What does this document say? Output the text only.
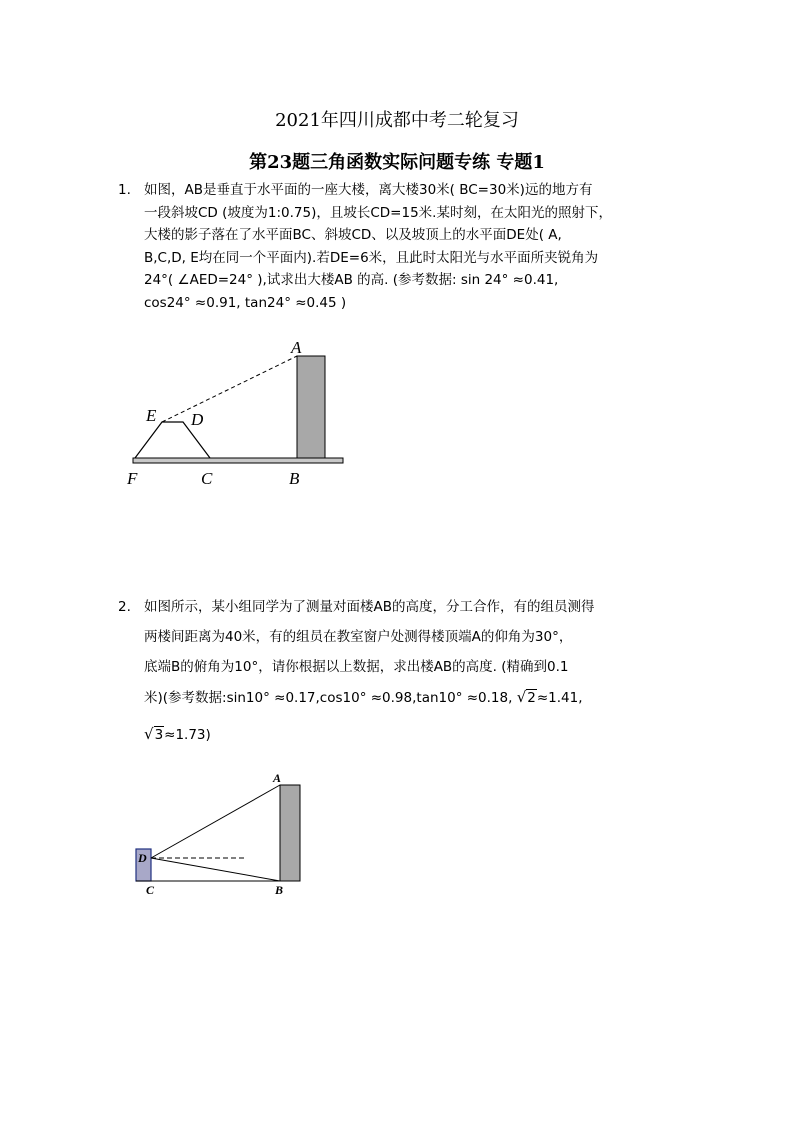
2021年四川成都中考二轮复习
第23题三角函数实际问题专练 专题1
1. 如图，AB是垂直于水平面的一座大楼，离大楼30米( BC=30米)远的地方有
一段斜坡CD (坡度为1:0.75)，且坡长CD=15米.某时刻，在太阳光的照射下，
大楼的影子落在了水平面BC、斜坡CD、以及坡顶上的水平面DE处( A,
B,C,D, E均在同一个平面内).若DE=6米，且此时太阳光与水平面所夹锐角为
24°( ∠AED=24° ),试求出大楼AB 的高. (参考数据: sin 24° ≈0.41,
cos24° ≈0.91, tan24° ≈0.45 )
A
E D
F	C	B
2. 如图所示，某小组同学为了测量对面楼AB的高度，分工合作，有的组员测得
两楼间距离为40米，有的组员在教室窗户处测得楼顶端A的仰角为30°，
底端B的俯角为10°，请你根据以上数据，求出楼AB的高度. (精确到0.1
米)(参考数据:sin10° ≈0.17,cos10° ≈0.98,tan10° ≈0.18, √2≈1.41,
√3≈1.73)
A
D
C	B
